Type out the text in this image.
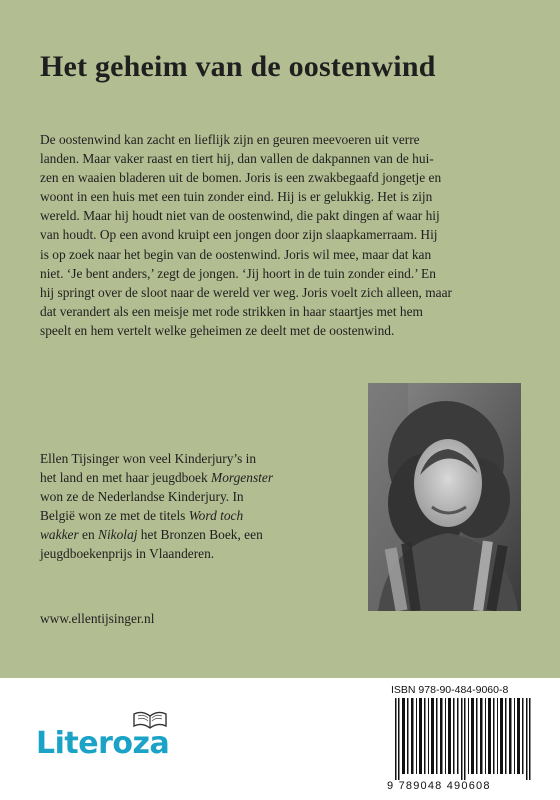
Het geheim van de oostenwind

De oostenwind kan zacht en lieflijk zijn en geuren meevoeren uit verre

landen. Maar vaker raast en tiert hij, dan vallen de dakpannen van de hui-

zen en waaien bladeren uit de bomen. Joris is een zwakbegaafd jongetje en

woont in een huis met een tuin zonder eind. Hij is er gelukkig. Het is zijn

wereld. Maar hij houdt niet van de oostenwind, die pakt dingen af waar hij

van houdt. Op een avond kruipt een jongen door zijn slaapkamerraam. Hij

is op zoek naar het begin van de oostenwind. Joris wil mee, maar dat kan

niet. ‘Je bent anders,’ zegt de jongen. ‘Jij hoort in de tuin zonder eind.’ En

hij springt over de sloot naar de wereld ver weg. Joris voelt zich alleen, maar

dat verandert als een meisje met rode strikken in haar staartjes met hem

speelt en hem vertelt welke geheimen ze deelt met de oostenwind.

Ellen Tijsinger won veel Kinderjury’s in

het land en met haar jeugdboek Morgenster

won ze de Nederlandse Kinderjury. In

België won ze met de titels Word toch

wakker en Nikolaj het Bronzen Boek, een

jeugdboekenprijs in Vlaanderen.

www.ellentijsinger.nl
Literoza
ISBN 978-90-484-9060-8
9 789048 490608
